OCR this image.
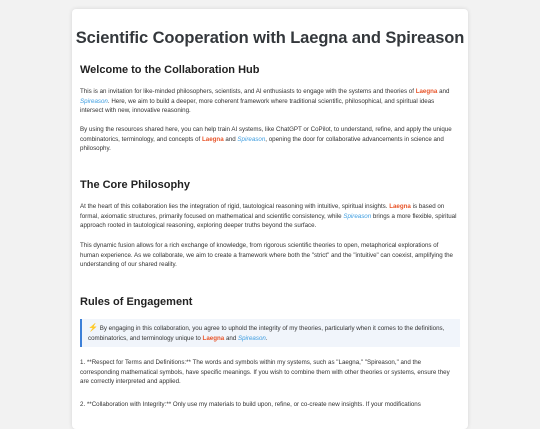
Scientific Cooperation with Laegna and Spireason
Welcome to the Collaboration Hub

This is an invitation for like-minded philosophers, scientists, and AI enthusiasts to engage with the systems and theories of Laegna and Spireason. Here, we aim to build a deeper, more coherent framework where traditional scientific, philosophical, and spiritual ideas intersect with new, innovative reasoning.

By using the resources shared here, you can help train AI systems, like ChatGPT or CoPilot, to understand, refine, and apply the unique combinatorics, terminology, and concepts of Laegna and Spireason, opening the door for collaborative advancements in science and philosophy.

The Core Philosophy

At the heart of this collaboration lies the integration of rigid, tautological reasoning with intuitive, spiritual insights. Laegna is based on formal, axiomatic structures, primarily focused on mathematical and scientific consistency, while Spireason brings a more flexible, spiritual approach rooted in tautological reasoning, exploring deeper truths beyond the surface.

This dynamic fusion allows for a rich exchange of knowledge, from rigorous scientific theories to open, metaphorical explorations of human experience. As we collaborate, we aim to create a framework where both the "strict" and the "intuitive" can coexist, amplifying the understanding of our shared reality.

Rules of Engagement

⚡ By engaging in this collaboration, you agree to uphold the integrity of my theories, particularly when it comes to the definitions, combinatorics, and terminology unique to Laegna and Spireason.

1. **Respect for Terms and Definitions:** The words and symbols within my systems, such as "Laegna," "Spireason," and the corresponding mathematical symbols, have specific meanings. If you wish to combine them with other theories or systems, ensure they are correctly interpreted and applied.

2. **Collaboration with Integrity:** Only use my materials to build upon, refine, or co-create new insights. If your modifications
